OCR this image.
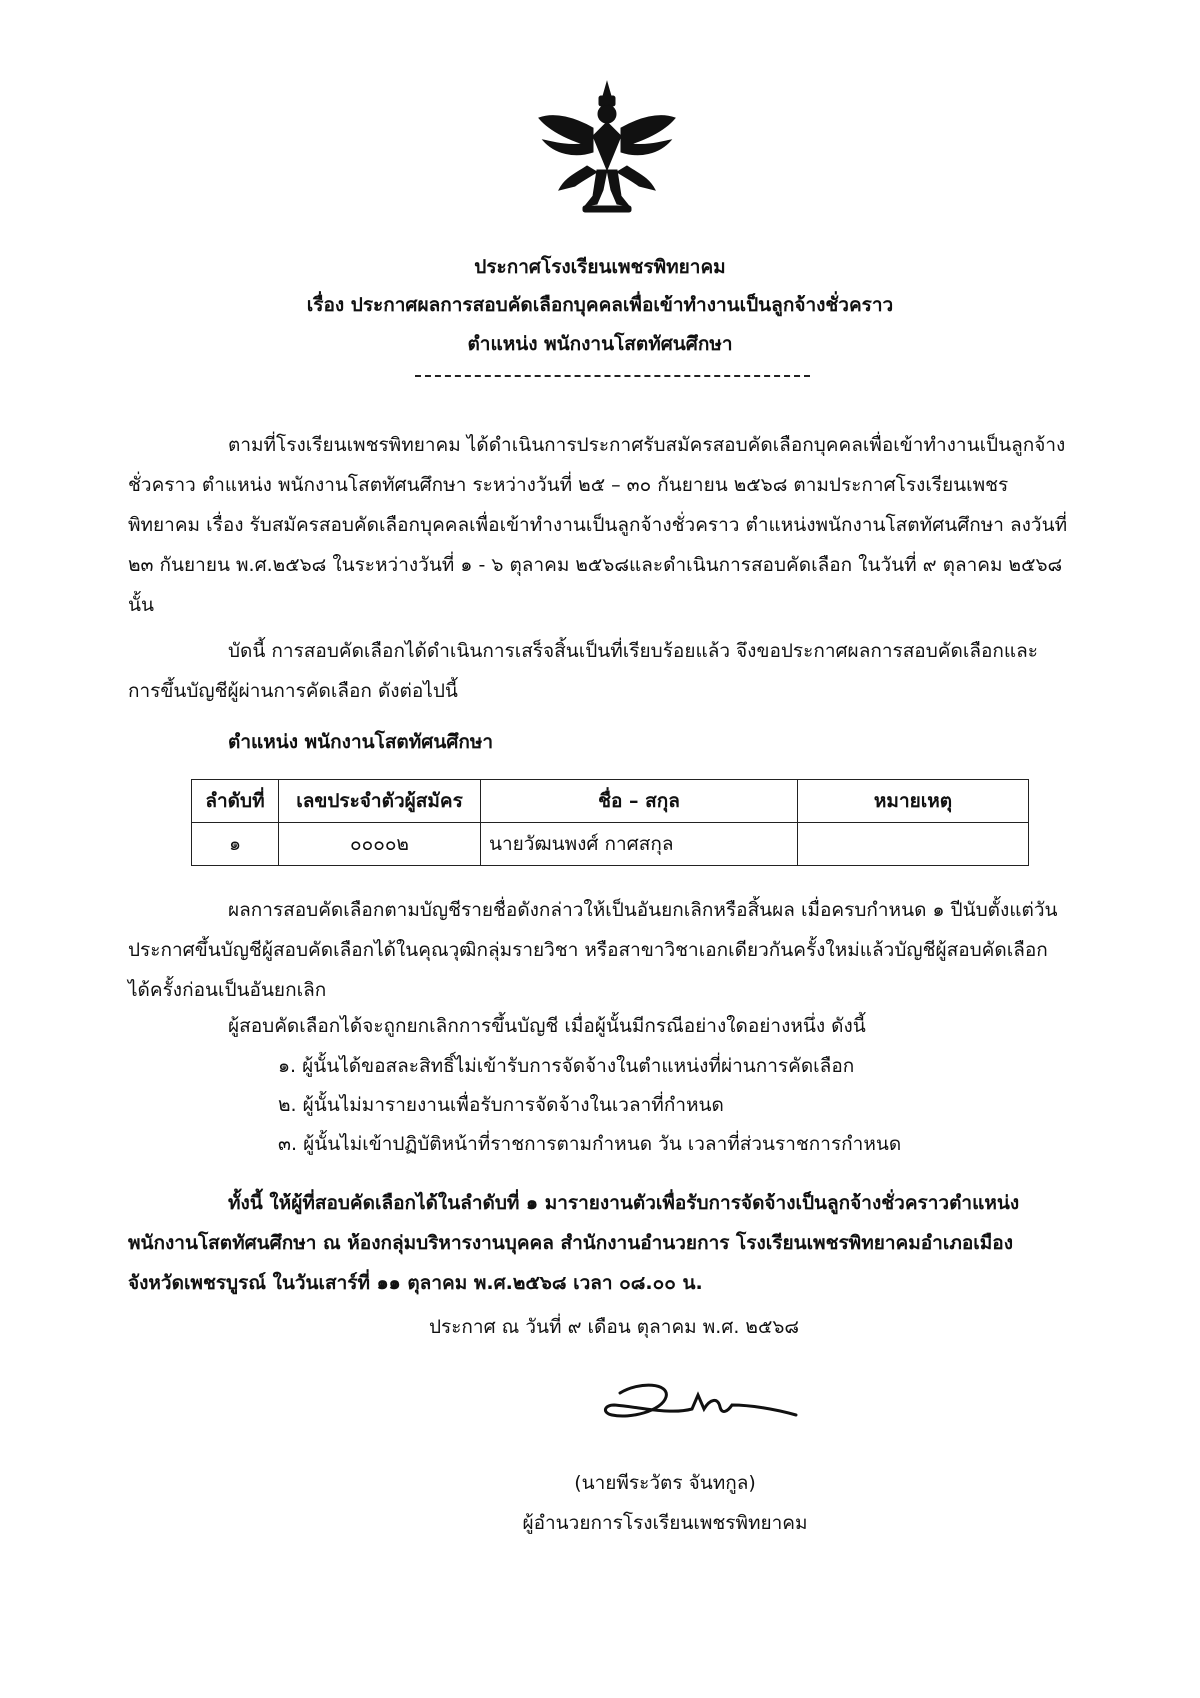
ประกาศโรงเรียนเพชรพิทยาคม
เรื่อง ประกาศผลการสอบคัดเลือกบุคคลเพื่อเข้าทำงานเป็นลูกจ้างชั่วคราว
ตำแหน่ง พนักงานโสตทัศนศึกษา
ตามที่โรงเรียนเพชรพิทยาคม ได้ดำเนินการประกาศรับสมัครสอบคัดเลือกบุคคลเพื่อเข้าทำงานเป็นลูกจ้างชั่วคราว ตำแหน่ง พนักงานโสตทัศนศึกษา ระหว่างวันที่ ๒๕ – ๓๐ กันยายน ๒๕๖๘ ตามประกาศโรงเรียนเพชรพิทยาคม เรื่อง รับสมัครสอบคัดเลือกบุคคลเพื่อเข้าทำงานเป็นลูกจ้างชั่วคราว ตำแหน่งพนักงานโสตทัศนศึกษา ลงวันที่ ๒๓ กันยายน พ.ศ.๒๕๖๘ ในระหว่างวันที่ ๑ - ๖ ตุลาคม ๒๕๖๘และดำเนินการสอบคัดเลือก ในวันที่ ๙ ตุลาคม ๒๕๖๘ นั้น
บัดนี้ การสอบคัดเลือกได้ดำเนินการเสร็จสิ้นเป็นที่เรียบร้อยแล้ว จึงขอประกาศผลการสอบคัดเลือกและการขึ้นบัญชีผู้ผ่านการคัดเลือก ดังต่อไปนี้
ตำแหน่ง พนักงานโสตทัศนศึกษา
ลำดับที่	เลขประจำตัวผู้สมัคร	ชื่อ – สกุล	หมายเหตุ
๑	๐๐๐๐๒	นายวัฒนพงศ์ กาศสกุล	
ผลการสอบคัดเลือกตามบัญชีรายชื่อดังกล่าวให้เป็นอันยกเลิกหรือสิ้นผล เมื่อครบกำหนด ๑ ปีนับตั้งแต่วันประกาศขึ้นบัญชีผู้สอบคัดเลือกได้ในคุณวุฒิกลุ่มรายวิชา หรือสาขาวิชาเอกเดียวกันครั้งใหม่แล้วบัญชีผู้สอบคัดเลือกได้ครั้งก่อนเป็นอันยกเลิก
ผู้สอบคัดเลือกได้จะถูกยกเลิกการขึ้นบัญชี เมื่อผู้นั้นมีกรณีอย่างใดอย่างหนึ่ง ดังนี้
๑. ผู้นั้นได้ขอสละสิทธิ์ไม่เข้ารับการจัดจ้างในตำแหน่งที่ผ่านการคัดเลือก
๒. ผู้นั้นไม่มารายงานเพื่อรับการจัดจ้างในเวลาที่กำหนด
๓. ผู้นั้นไม่เข้าปฏิบัติหน้าที่ราชการตามกำหนด วัน เวลาที่ส่วนราชการกำหนด
ทั้งนี้ ให้ผู้ที่สอบคัดเลือกได้ในลำดับที่ ๑ มารายงานตัวเพื่อรับการจัดจ้างเป็นลูกจ้างชั่วคราวตำแหน่ง พนักงานโสตทัศนศึกษา ณ ห้องกลุ่มบริหารงานบุคคล สำนักงานอำนวยการ โรงเรียนเพชรพิทยาคมอำเภอเมือง จังหวัดเพชรบูรณ์ ในวันเสาร์ที่ ๑๑ ตุลาคม พ.ศ.๒๕๖๘ เวลา ๐๘.๐๐ น.
ประกาศ ณ วันที่ ๙ เดือน ตุลาคม พ.ศ. ๒๕๖๘
(นายพีระวัตร จันทกูล)
ผู้อำนวยการโรงเรียนเพชรพิทยาคม
